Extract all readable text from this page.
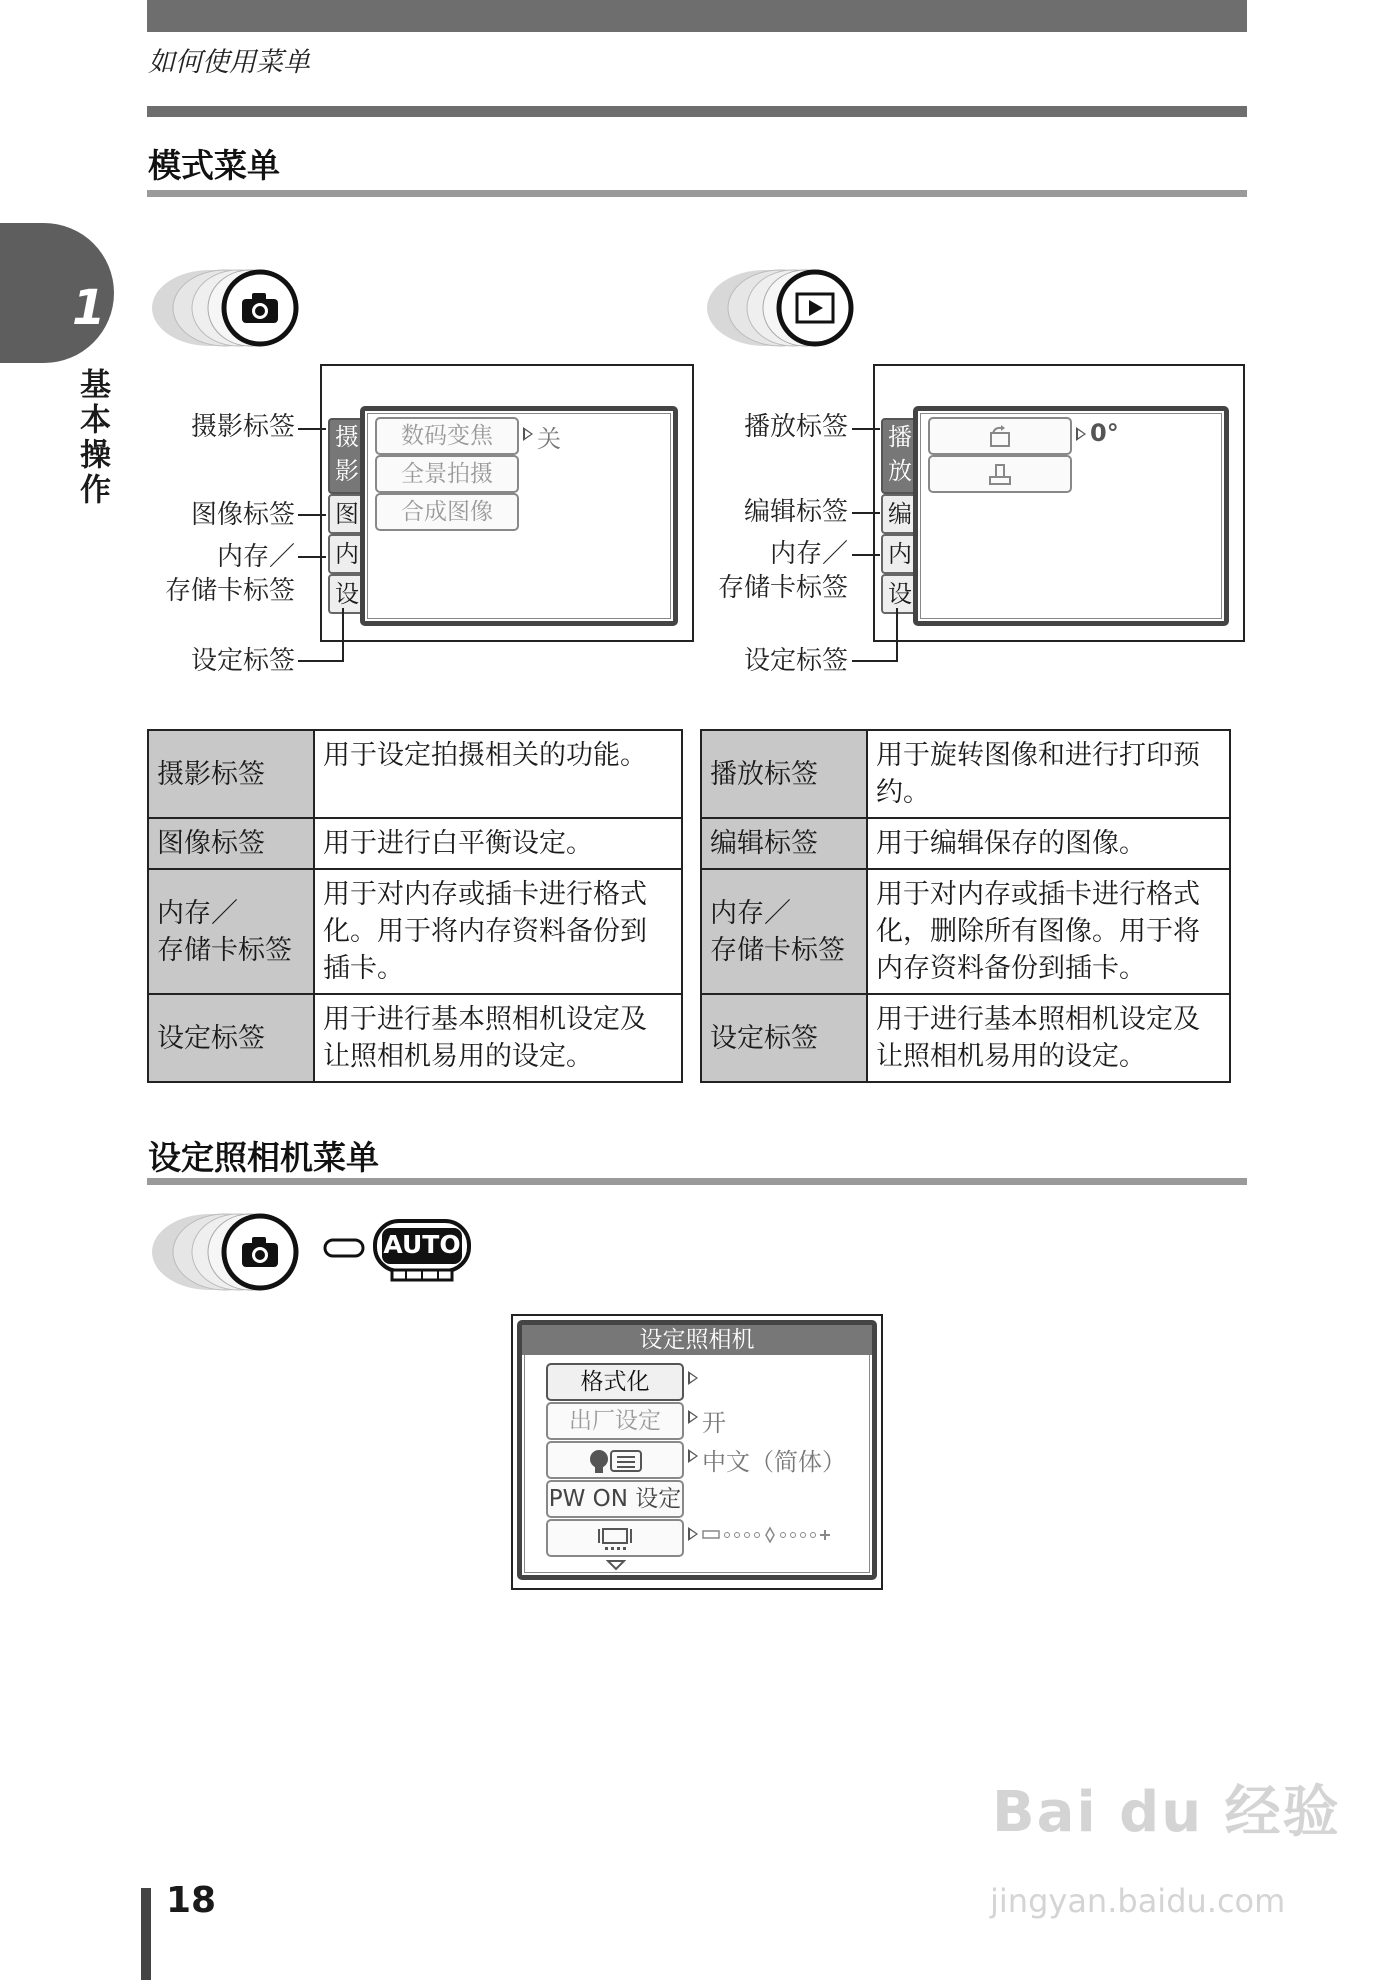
如何使用菜单
1
基本操作
模式菜单
摄
影
图
内
设
数码变焦
全景拍摄
合成图像
关
摄影标签
图像标签
内存／
存储卡标签
设定标签
播
放
编
内
设
0°
播放标签
编辑标签
内存／
存储卡标签
设定标签
摄影标签	用于设定拍摄相关的功能。
图像标签	用于进行白平衡设定。
内存／
存储卡标签	用于对内存或插卡进行格式化。用于将内存资料备份到插卡。
设定标签	用于进行基本照相机设定及让照相机易用的设定。
播放标签	用于旋转图像和进行打印预约。
编辑标签	用于编辑保存的图像。
内存／
存储卡标签	用于对内存或插卡进行格式化，删除所有图像。用于将内存资料备份到插卡。
设定标签	用于进行基本照相机设定及让照相机易用的设定。
设定照相机菜单
AUTO
设定照相机
格式化
出厂设定
PW ON 设定
开
中文（简体）
18
Bai du 经验
jingyan.baidu.com
